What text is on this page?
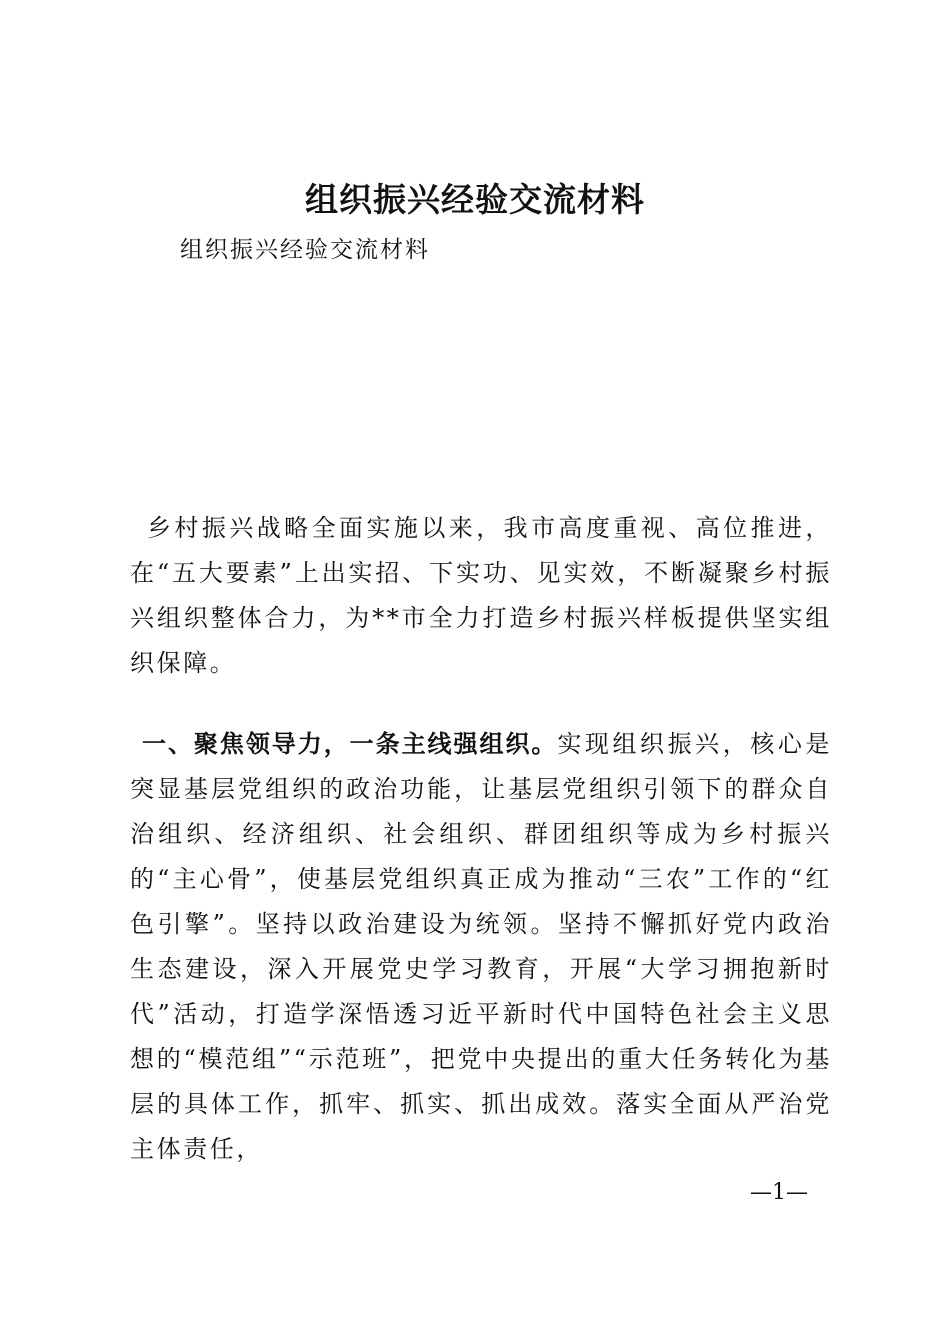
组织振兴经验交流材料

组织振兴经验交流材料

乡村振兴战略全面实施以来，我市高度重视、高位推进，在“五大要素”上出实招、下实功、见实效，不断凝聚乡村振兴组织整体合力，为**市全力打造乡村振兴样板提供坚实组织保障。

一、聚焦领导力，一条主线强组织。实现组织振兴，核心是突显基层党组织的政治功能，让基层党组织引领下的群众自治组织、经济组织、社会组织、群团组织等成为乡村振兴的“主心骨”，使基层党组织真正成为推动“三农”工作的“红色引擎”。坚持以政治建设为统领。坚持不懈抓好党内政治生态建设，深入开展党史学习教育，开展“大学习拥抱新时代”活动，打造学深悟透习近平新时代中国特色社会主义思想的“模范组”“示范班”，把党中央提出的重大任务转化为基层的具体工作，抓牢、抓实、抓出成效。落实全面从严治党主体责任，

—1—
